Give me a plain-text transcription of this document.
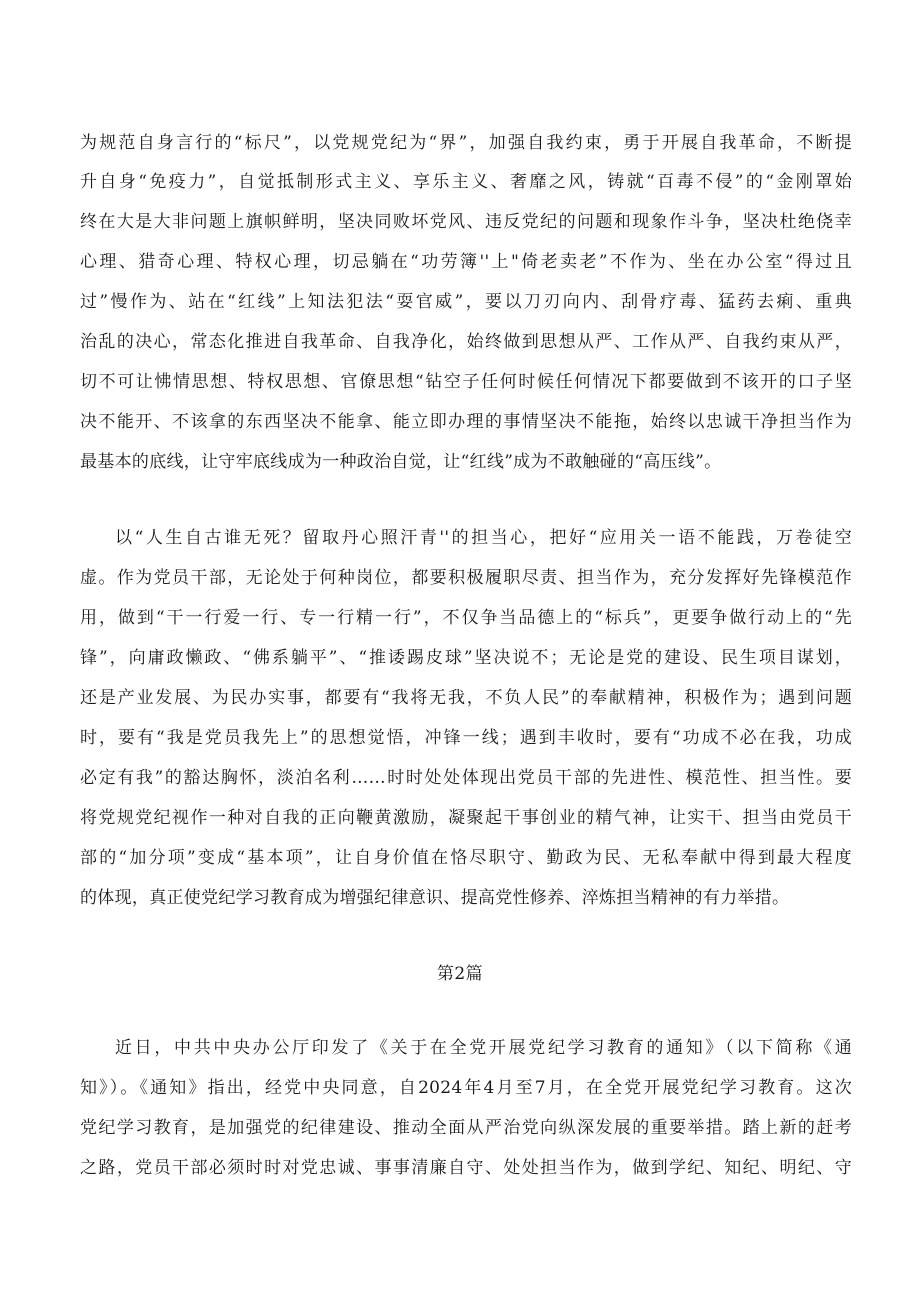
为规范自身言行的“标尺”，以党规党纪为“界”，加强自我约束，勇于开展自我革命，不断提
升自身“免疫力”，自觉抵制形式主义、享乐主义、奢靡之风，铸就“百毒不侵”的“金刚罩始
终在大是大非问题上旗帜鲜明，坚决同败坏党风、违反党纪的问题和现象作斗争，坚决杜绝侥幸
心理、猎奇心理、特权心理，切忌躺在“功劳簿''上"倚老卖老”不作为、坐在办公室“得过且
过”慢作为、站在“红线”上知法犯法“耍官威”，要以刀刃向内、刮骨疗毒、猛药去痢、重典
治乱的决心，常态化推进自我革命、自我净化，始终做到思想从严、工作从严、自我约束从严，
切不可让怫情思想、特权思想、官僚思想“钻空子任何时候任何情况下都要做到不该开的口子坚
决不能开、不该拿的东西坚决不能拿、能立即办理的事情坚决不能拖，始终以忠诚干净担当作为
最基本的底线，让守牢底线成为一种政治自觉，让“红线”成为不敢触碰的“高压线”。
以“人生自古谁无死？留取丹心照汗青''的担当心，把好“应用关一语不能践，万卷徒空
虚。作为党员干部，无论处于何种岗位，都要积极履职尽责、担当作为，充分发挥好先锋模范作
用，做到“干一行爱一行、专一行精一行”，不仅争当品德上的“标兵”，更要争做行动上的“先
锋”，向庸政懒政、“佛系躺平”、“推诿踢皮球”坚决说不；无论是党的建设、民生项目谋划，
还是产业发展、为民办实事，都要有“我将无我，不负人民”的奉献精神，积极作为；遇到问题
时，要有“我是党员我先上”的思想觉悟，冲锋一线；遇到丰收时，要有“功成不必在我，功成
必定有我”的豁达胸怀，淡泊名利……时时处处体现出党员干部的先进性、模范性、担当性。要
将党规党纪视作一种对自我的正向鞭黄激励，凝聚起干事创业的精气神，让实干、担当由党员干
部的“加分项”变成“基本项”，让自身价值在恪尽职守、勤政为民、无私奉献中得到最大程度
的体现，真正使党纪学习教育成为增强纪律意识、提高党性修养、淬炼担当精神的有力举措。
第2篇
近日，中共中央办公厅印发了《关于在全党开展党纪学习教育的通知》（以下简称《通
知》）。《通知》指出，经党中央同意，自2024年4月至7月，在全党开展党纪学习教育。这次
党纪学习教育，是加强党的纪律建设、推动全面从严治党向纵深发展的重要举措。踏上新的赶考
之路，党员干部必须时时对党忠诚、事事清廉自守、处处担当作为，做到学纪、知纪、明纪、守
